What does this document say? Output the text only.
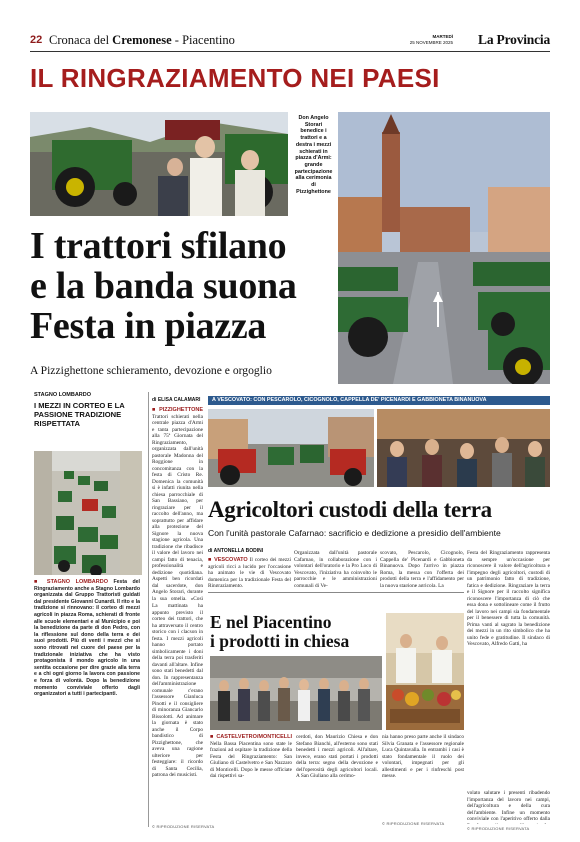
22 Cronaca del Cremonese - Piacentino	MARTEDÌ
25 NOVEMBRE 2025 La Provincia
IL RINGRAZIAMENTO NEI PAESI
Don Angelo Storari benedice i trattori e a destra i mezzi schierati in piazza d'Armi: grande partecipazione alla cerimonia di Pizzighettone
I trattori sfilano
e la banda suona
Festa in piazza
A Pizzighettone schieramento, devozione e orgoglio
STAGNO LOMBARDO
I MEZZI IN CORTEO E LA PASSIONE TRADIZIONE RISPETTATA
■ STAGNO LOMBARDO Festa del Ringraziamento anche a Stagno Lombardo organizzata dal Gruppo Trattoristi guidati dal presidente Giovanni Cunardi. Il rito e la tradizione si rinnovano: il corteo di mezzi agricoli in piazza Roma, schierati di fronte alle scuole elementari e al Municipio e poi la benedizione da parte di don Pedro, con la riflessione sul dono della terra e dei suoi prodotti. Più di venti i mezzi che si sono ritrovati nel cuore del paese per la tradizionale iniziativa che ha visto protagonista il mondo agricolo in una sentita occasione per dire grazie alla terra e a chi ogni giorno la lavora con passione e forza di volontà. Dopo la benedizione momento conviviale offerto dagli organizzatori a tutti i partecipanti.
di ELISA CALAMARI
■ PIZZIGHETTONE Trattori schierati nella centrale piazza d'Armi e tanta partecipazione alla 75ª Giornata del Ringraziamento, organizzata dall'unità pastorale Madonna del Roggione in concomitanza con la festa di Cristo Re. Domenica la comunità si è infatti riunita nella chiesa parrocchiale di San Bassiano, per ringraziare per il raccolto dell'anno, ma soprattutto per affidare alla protezione del Signore la nuova stagione agricola. Una tradizione che ribadisce il valore del lavoro nei campi fatto di tenacia, professionalità e dedizione quotidiana. Aspetti ben ricordati dal sacerdote, don Angelo Storari, durante la sua omelia. «Così
A VESCOVATO: CON PESCAROLO, CICOGNOLO, CAPPELLA DE' PICENARDI E GABBIONETA BINANUOVA
Agricoltori custodi della terra
Con l'unità pastorale Cafarnao: sacrificio e dedizione a presidio dell'ambiente
di ANTONELLA BODINI
■ VESCOVATO Il corteo dei mezzi agricoli ricci a lucido per l'occasione ha animato le vie di Vescovato domenica per la tradizionale Festa del Ringraziamento.
Organizzata dall'unità pastorale Cafarnao, in collaborazione con i volontari dell'oratorio e la Pro Loco di Vescovato, l'iniziativa ha coinvolto le parrocchie e le amministrazioni comunali di Ve-
scovato, Pescarolo, Cicognolo, Cappella de' Picenardi e Gabbioneta Binanuova. Dopo l'arrivo in piazza Roma, la messa con l'offerta dei prodotti della terra e l'affidamento per la nuova stagione agricola. La
Festa del Ringraziamento rappresenta da sempre un'occasione per riconoscere il valore dell'agricoltura e l'impegno degli agricoltori, custodi di un patrimonio fatto di tradizione, fatica e dedizione. Ringraziare la terra e il Signore per il raccolto significa riconoscere l'importanza di ciò che essa dona e sottolineare come il frutto del lavoro nei campi sia fondamentale per il benessere di tutta la comunità. Prima vanti al sagrato la benedizione dei mezzi in un rito simbolico che ha unito fede e gratitudine. Il sindaco di Vescovato, Alfredo Gatti, ha
volato salutare i presenti ribadendo l'importanza del lavoro nei campi, dell'agricoltura e della cura dell'ambiente. Infine un momento conviviale con l'aperitivo offerto dalla
© RIPRODUZIONE RISERVATA
E nel Piacentino
i prodotti in chiesa
■ CASTELVETRO/MONTICELLI Nella Bassa Piacentina sono state le frazioni ad ospitare la tradizione della Festa del Ringraziamento: San Giuliano di Castelvetro e San Nazzaro di Monticelli. Dopo le messe officiate dai rispettivi sa-
cerdoti, don Maurizio Chiesa e don Stefano Bianchi, all'esterno sono stati benedetti i mezzi agricoli. All'altare, invece, erano stati portati i prodotti della terra: segno della devozione e dell'operosità degli agricoltori locali. A San Giuliano alla cerimo-
nia hanno preso parte anche il sindaco Silvia Granata e l'assessore regionale Luca Quintavalla. In entrambi i casi è stato fondamentale il ruolo dei volontari, impegnati per gli allestimenti e per i rinfreschi post messe.
© RIPRODUZIONE RISERVATA
La mattinata ha appunto previsto il corteo dei trattori, che ha attraversato il centro storico con i clacson in festa. I mezzi agricoli hanno portato simbolicamente i doni della terra poi trasferiti davanti all'altare. Infine sono stati benedetti dal don. In rappresentanza dell'amministrazione comunale c'erano l'assessore Gianluca Pinotti e il consigliere di minoranza Giancarlo Bissolotti. Ad animare la giornata è stato anche il Corpo bandistico di Pizzighettone, che aveva una ragione ulteriore per festeggiare: il ricordo di Santa Cecilia, patrona dei musicisti.
© RIPRODUZIONE RISERVATA
